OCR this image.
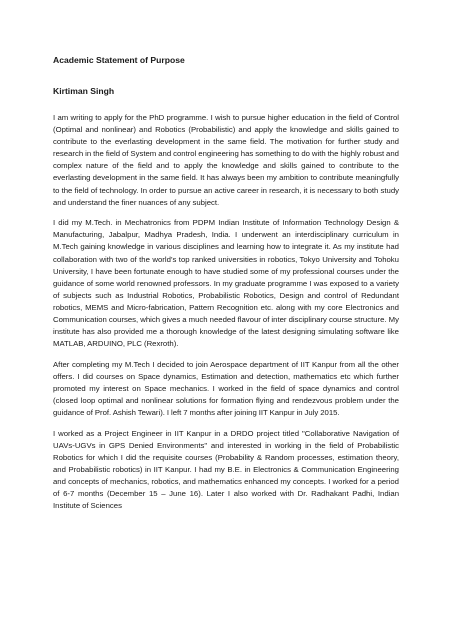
Academic Statement of Purpose
Kirtiman Singh

I am writing to apply for the PhD programme. I wish to pursue higher education in the field of Control (Optimal and nonlinear) and Robotics (Probabilistic) and apply the knowledge and skills gained to contribute to the everlasting development in the same field. The motivation for further study and research in the field of System and control engineering has something to do with the highly robust and complex nature of the field and to apply the knowledge and skills gained to contribute to the everlasting development in the same field. It has always been my ambition to contribute meaningfully to the field of technology. In order to pursue an active career in research, it is necessary to both study and understand the finer nuances of any subject.

I did my M.Tech. in Mechatronics from PDPM Indian Institute of Information Technology Design & Manufacturing, Jabalpur, Madhya Pradesh, India. I underwent an interdisciplinary curriculum in M.Tech gaining knowledge in various disciplines and learning how to integrate it. As my institute had collaboration with two of the world’s top ranked universities in robotics, Tokyo University and Tohoku University, I have been fortunate enough to have studied some of my professional courses under the guidance of some world renowned professors. In my graduate programme I was exposed to a variety of subjects such as Industrial Robotics, Probabilistic Robotics, Design and control of Redundant robotics, MEMS and Micro-fabrication, Pattern Recognition etc. along with my core Electronics and Communication courses, which gives a much needed flavour of inter disciplinary course structure. My institute has also provided me a thorough knowledge of the latest designing simulating software like MATLAB, ARDUINO, PLC (Rexroth).

After completing my M.Tech I decided to join Aerospace department of IIT Kanpur from all the other offers. I did courses on Space dynamics, Estimation and detection, mathematics etc which further promoted my interest on Space mechanics. I worked in the field of space dynamics and control (closed loop optimal and nonlinear solutions for formation flying and rendezvous problem under the guidance of Prof. Ashish Tewari). I left 7 months after joining IIT Kanpur in July 2015.

I worked as a Project Engineer in IIT Kanpur in a DRDO project titled "Collaborative Navigation of UAVs-UGVs in GPS Denied Environments" and interested in working in the field of Probabilistic Robotics for which I did the requisite courses (Probability & Random processes, estimation theory, and Probabilistic robotics) in IIT Kanpur. I had my B.E. in Electronics & Communication Engineering and concepts of mechanics, robotics, and mathematics enhanced my concepts. I worked for a period of 6-7 months (December 15 – June 16). Later I also worked with Dr. Radhakant Padhi, Indian Institute of Sciences
